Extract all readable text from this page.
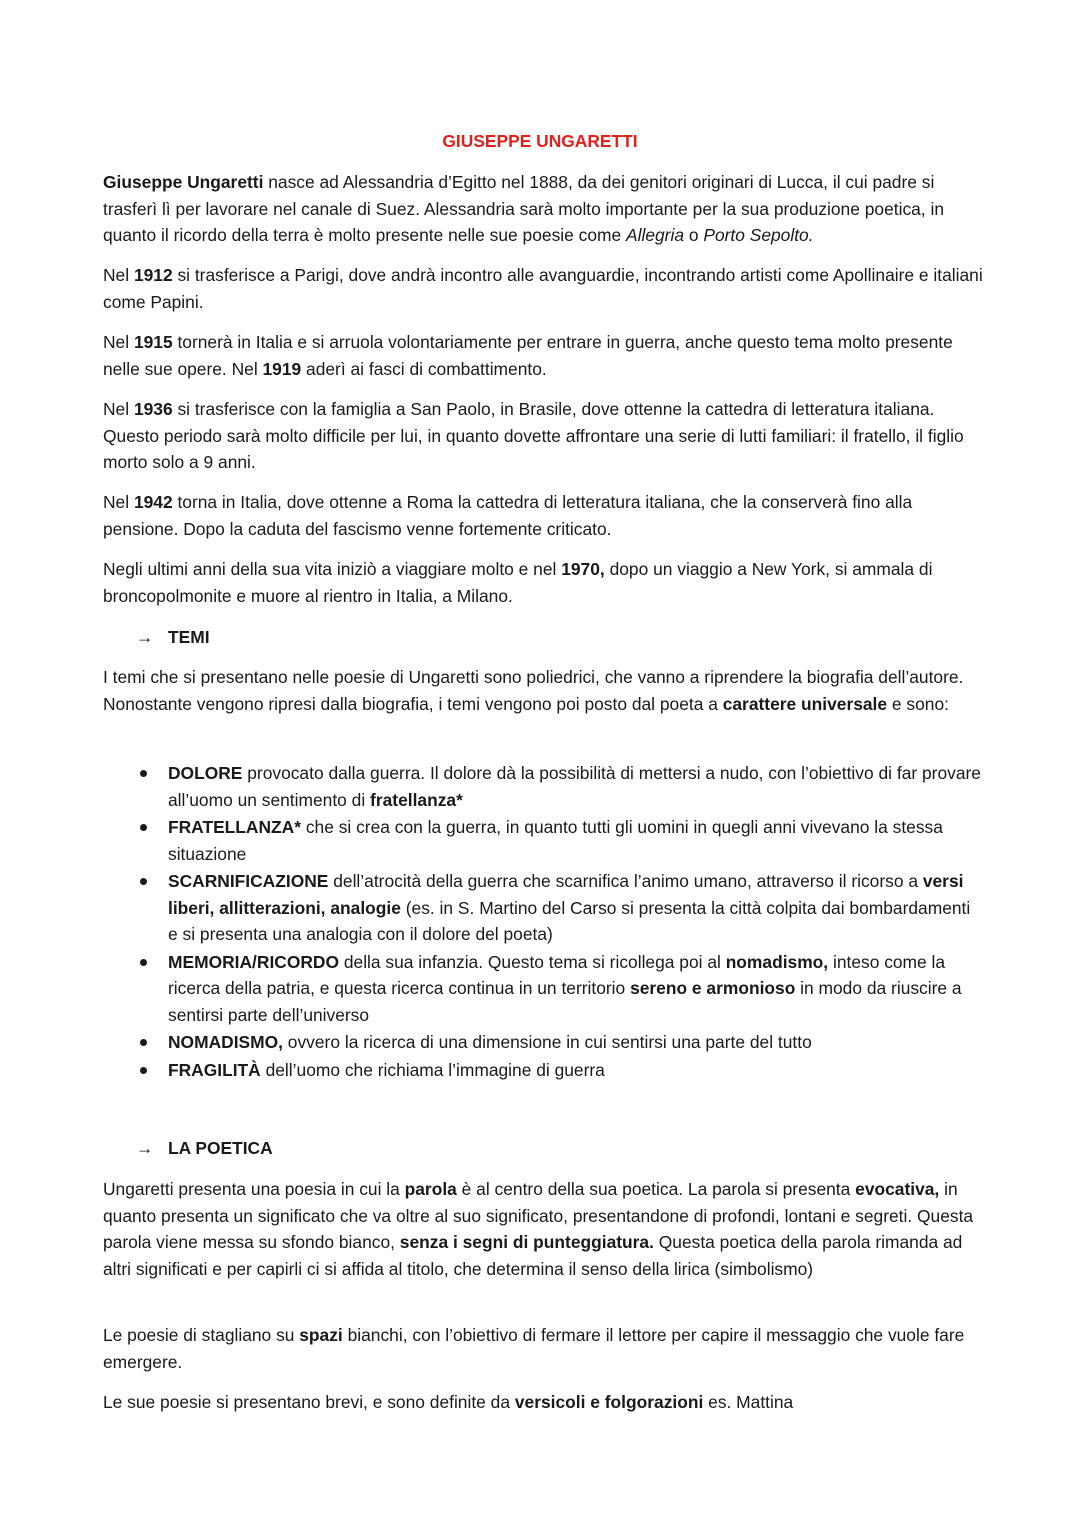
GIUSEPPE UNGARETTI

Giuseppe Ungaretti nasce ad Alessandria d’Egitto nel 1888, da dei genitori originari di Lucca, il cui padre si trasferì lì per lavorare nel canale di Suez. Alessandria sarà molto importante per la sua produzione poetica, in quanto il ricordo della terra è molto presente nelle sue poesie come Allegria o Porto Sepolto.

Nel 1912 si trasferisce a Parigi, dove andrà incontro alle avanguardie, incontrando artisti come Apollinaire e italiani come Papini.

Nel 1915 tornerà in Italia e si arruola volontariamente per entrare in guerra, anche questo tema molto presente nelle sue opere. Nel 1919 aderì ai fasci di combattimento.

Nel 1936 si trasferisce con la famiglia a San Paolo, in Brasile, dove ottenne la cattedra di letteratura italiana. Questo periodo sarà molto difficile per lui, in quanto dovette affrontare una serie di lutti familiari: il fratello, il figlio morto solo a 9 anni.

Nel 1942 torna in Italia, dove ottenne a Roma la cattedra di letteratura italiana, che la conserverà fino alla pensione. Dopo la caduta del fascismo venne fortemente criticato.

Negli ultimi anni della sua vita iniziò a viaggiare molto e nel 1970, dopo un viaggio a New York, si ammala di broncopolmonite e muore al rientro in Italia, a Milano.

→ TEMI

I temi che si presentano nelle poesie di Ungaretti sono poliedrici, che vanno a riprendere la biografia dell’autore. Nonostante vengono ripresi dalla biografia, i temi vengono poi posto dal poeta a carattere universale e sono:

DOLORE provocato dalla guerra. Il dolore dà la possibilità di mettersi a nudo, con l’obiettivo di far provare all’uomo un sentimento di fratellanza*
FRATELLANZA* che si crea con la guerra, in quanto tutti gli uomini in quegli anni vivevano la stessa situazione
SCARNIFICAZIONE dell’atrocità della guerra che scarnifica l’animo umano, attraverso il ricorso a versi liberi, allitterazioni, analogie (es. in S. Martino del Carso si presenta la città colpita dai bombardamenti e si presenta una analogia con il dolore del poeta)
MEMORIA/RICORDO della sua infanzia. Questo tema si ricollega poi al nomadismo, inteso come la ricerca della patria, e questa ricerca continua in un territorio sereno e armonioso in modo da riuscire a sentirsi parte dell’universo
NOMADISMO, ovvero la ricerca di una dimensione in cui sentirsi una parte del tutto
FRAGILITÀ dell’uomo che richiama l’immagine di guerra
→ LA POETICA

Ungaretti presenta una poesia in cui la parola è al centro della sua poetica. La parola si presenta evocativa, in quanto presenta un significato che va oltre al suo significato, presentandone di profondi, lontani e segreti. Questa parola viene messa su sfondo bianco, senza i segni di punteggiatura. Questa poetica della parola rimanda ad altri significati e per capirli ci si affida al titolo, che determina il senso della lirica (simbolismo)

Le poesie di stagliano su spazi bianchi, con l’obiettivo di fermare il lettore per capire il messaggio che vuole fare emergere.

Le sue poesie si presentano brevi, e sono definite da versicoli e folgorazioni es. Mattina
